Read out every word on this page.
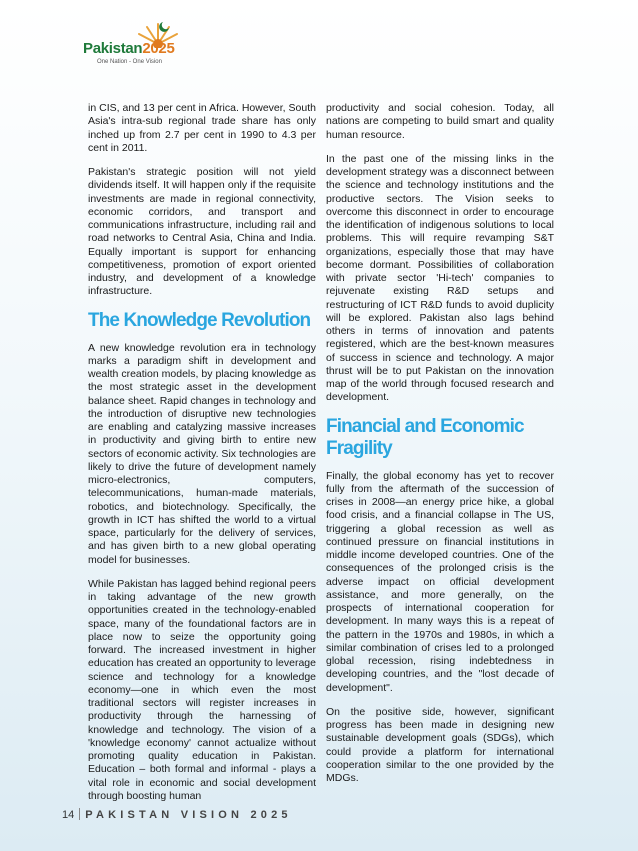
Pakistan2025
One Nation - One Vision

in CIS, and 13 per cent in Africa. However, South Asia's intra-sub regional trade share has only inched up from 2.7 per cent in 1990 to 4.3 per cent in 2011.

Pakistan's strategic position will not yield dividends itself. It will happen only if the requisite investments are made in regional connectivity, economic corridors, and transport and communications infrastructure, including rail and road networks to Central Asia, China and India. Equally important is support for enhancing competitiveness, promotion of export oriented industry, and development of a knowledge infrastructure.

The Knowledge Revolution

A new knowledge revolution era in technology marks a paradigm shift in development and wealth creation models, by placing knowledge as the most strategic asset in the development balance sheet. Rapid changes in technology and the introduction of disruptive new technologies are enabling and catalyzing massive increases in productivity and giving birth to entire new sectors of economic activity. Six technologies are likely to drive the future of development namely micro-electronics, computers, telecommunications, human-made materials, robotics, and biotechnology. Specifically, the growth in ICT has shifted the world to a virtual space, particularly for the delivery of services, and has given birth to a new global operating model for businesses.

While Pakistan has lagged behind regional peers in taking advantage of the new growth opportunities created in the technology-enabled space, many of the foundational factors are in place now to seize the opportunity going forward. The increased investment in higher education has created an opportunity to leverage science and technology for a knowledge economy—one in which even the most traditional sectors will register increases in productivity through the harnessing of knowledge and technology. The vision of a 'knowledge economy' cannot actualize without promoting quality education in Pakistan. Education – both formal and informal - plays a vital role in economic and social development through boosting human

productivity and social cohesion. Today, all nations are competing to build smart and quality human resource.

In the past one of the missing links in the development strategy was a disconnect between the science and technology institutions and the productive sectors. The Vision seeks to overcome this disconnect in order to encourage the identification of indigenous solutions to local problems. This will require revamping S&T organizations, especially those that may have become dormant. Possibilities of collaboration with private sector 'Hi-tech' companies to rejuvenate existing R&D setups and restructuring of ICT R&D funds to avoid duplicity will be explored. Pakistan also lags behind others in terms of innovation and patents registered, which are the best-known measures of success in science and technology. A major thrust will be to put Pakistan on the innovation map of the world through focused research and development.

Financial and Economic Fragility

Finally, the global economy has yet to recover fully from the aftermath of the succession of crises in 2008—an energy price hike, a global food crisis, and a financial collapse in The US, triggering a global recession as well as continued pressure on financial institutions in middle income developed countries. One of the consequences of the prolonged crisis is the adverse impact on official development assistance, and more generally, on the prospects of international cooperation for development. In many ways this is a repeat of the pattern in the 1970s and 1980s, in which a similar combination of crises led to a prolonged global recession, rising indebtedness in developing countries, and the "lost decade of development".

On the positive side, however, significant progress has been made in designing new sustainable development goals (SDGs), which could provide a platform for international cooperation similar to the one provided by the MDGs.

14 PAKISTAN VISION 2025
